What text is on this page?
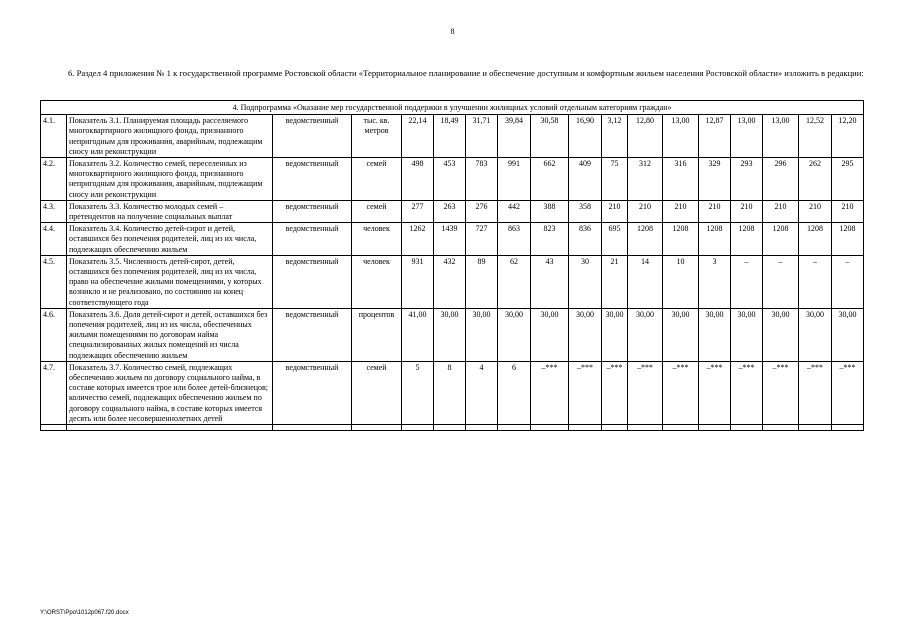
8
6. Раздел 4 приложения № 1 к государственной программе Ростовской области «Территориальное планирование и обеспечение доступным и комфортным жильем населения Ростовской области» изложить в редакции:
4. Подпрограмма «Оказание мер государственной поддержки в улучшении жилищных условий отдельным категориям граждан»																	
4.1.	Показатель 3.1. Планируемая площадь расселяемого многоквартирного жилищного фонда, признанного непригодным для проживания, аварийным, подлежащим сносу или реконструкции	ведомственный	тыс. кв. метров	22,14	18,49	31,71	39,84	30,58	16,90	3,12	12,80	13,00	12,87	13,00	13,00	12,52	12,20
4.2.	Показатель 3.2. Количество семей, переселенных из многоквартирного жилищного фонда, признанного непригодным для проживания, аварийным, подлежащим сносу или реконструкции	ведомственный	семей	498	453	783	991	662	409	75	312	316	329	293	296	262	295
4.3.	Показатель 3.3. Количество молодых семей – претендентов на получение социальных выплат	ведомственный	семей	277	263	276	442	388	358	210	210	210	210	210	210	210	210
4.4.	Показатель 3.4. Количество детей-сирот и детей, оставшихся без попечения родителей, лиц из их числа, подлежащих обеспечению жильем	ведомственный	человек	1262	1439	727	863	823	836	695	1208	1208	1208	1208	1208	1208	1208
4.5.	Показатель 3.5. Численность детей-сирот, детей, оставшихся без попечения родителей, лиц из их числа, право на обеспечение жилыми помещениями, у которых возникло и не реализовано, по состоянию на конец соответствующего года	ведомственный	человек	931	432	89	62	43	30	21	14	10	3	–	–	–	–
4.6.	Показатель 3.6. Доля детей-сирот и детей, оставшихся без попечения родителей, лиц из их числа, обеспеченных жилыми помещениями по договорам найма специализированных жилых помещений из числа подлежащих обеспечению жильем	ведомственный	процентов	41,00	30,00	30,00	30,00	30,00	30,00	30,00	30,00	30,00	30,00	30,00	30,00	30,00	30,00
4.7.	Показатель 3.7. Количество семей, подлежащих обеспечению жильем по договору социального найма, в составе которых имеется трое или более детей-близнецов; количество семей, подлежащих обеспечению жильем по договору социального найма, в составе которых имеется десять или более несовершеннолетних детей	ведомственный	семей	5	8	4	6	–***	–***	–***	–***	–***	–***	–***	–***	–***	–***

Y:\ORST\Ppo\1012p067.f20.docx
